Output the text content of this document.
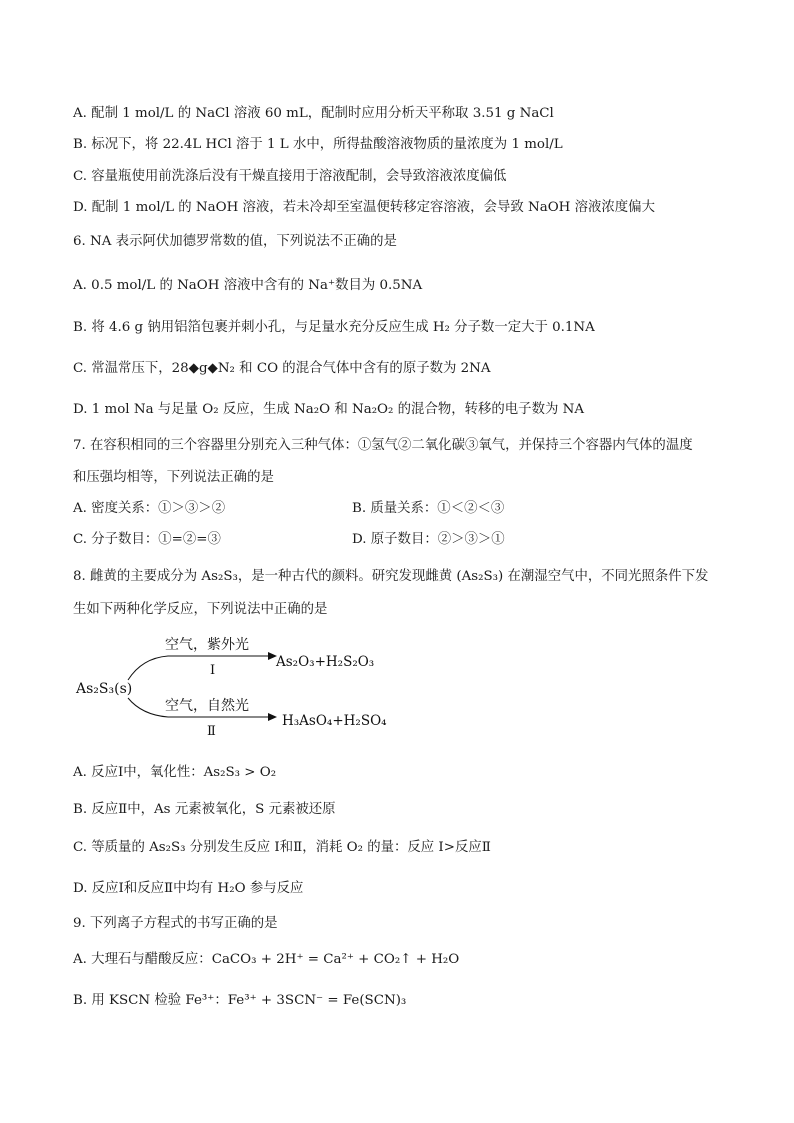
A. 配制 1 mol/L 的 NaCl 溶液 60 mL，配制时应用分析天平称取 3.51 g NaCl
B. 标况下，将 22.4L HCl 溶于 1 L 水中，所得盐酸溶液物质的量浓度为 1 mol/L
C. 容量瓶使用前洗涤后没有干燥直接用于溶液配制，会导致溶液浓度偏低
D. 配制 1 mol/L 的 NaOH 溶液，若未冷却至室温便转移定容溶液，会导致 NaOH 溶液浓度偏大
6. NA 表示阿伏加德罗常数的值，下列说法不正确的是
A. 0.5 mol/L 的 NaOH 溶液中含有的 Na⁺数目为 0.5NA
B. 将 4.6 g 钠用铝箔包裹并刺小孔，与足量水充分反应生成 H₂ 分子数一定大于 0.1NA
C. 常温常压下，28◆g◆N₂ 和 CO 的混合气体中含有的原子数为 2NA
D. 1 mol Na 与足量 O₂ 反应，生成 Na₂O 和 Na₂O₂ 的混合物，转移的电子数为 NA
7. 在容积相同的三个容器里分别充入三种气体：①氢气②二氧化碳③氧气，并保持三个容器内气体的温度
和压强均相等，下列说法正确的是
A. 密度关系：①＞③＞②	B. 质量关系：①＜②＜③
C. 分子数目：①=②=③	D. 原子数目：②＞③＞①
8. 雌黄的主要成分为 As₂S₃，是一种古代的颜料。研究发现雌黄 (As₂S₃) 在潮湿空气中，不同光照条件下发
生如下两种化学反应，下列说法中正确的是
As₂S₃(s)
空气，紫外光
Ⅰ
As₂O₃+H₂S₂O₃
空气，自然光
Ⅱ
H₃AsO₄+H₂SO₄
A. 反应Ⅰ中，氧化性：As₂S₃ > O₂
B. 反应Ⅱ中，As 元素被氧化，S 元素被还原
C. 等质量的 As₂S₃ 分别发生反应 Ⅰ和Ⅱ，消耗 O₂ 的量：反应 Ⅰ>反应Ⅱ
D. 反应Ⅰ和反应Ⅱ中均有 H₂O 参与反应
9. 下列离子方程式的书写正确的是
A. 大理石与醋酸反应：CaCO₃ + 2H⁺ = Ca²⁺ + CO₂↑ + H₂O
B. 用 KSCN 检验 Fe³⁺：Fe³⁺ + 3SCN⁻ = Fe(SCN)₃
